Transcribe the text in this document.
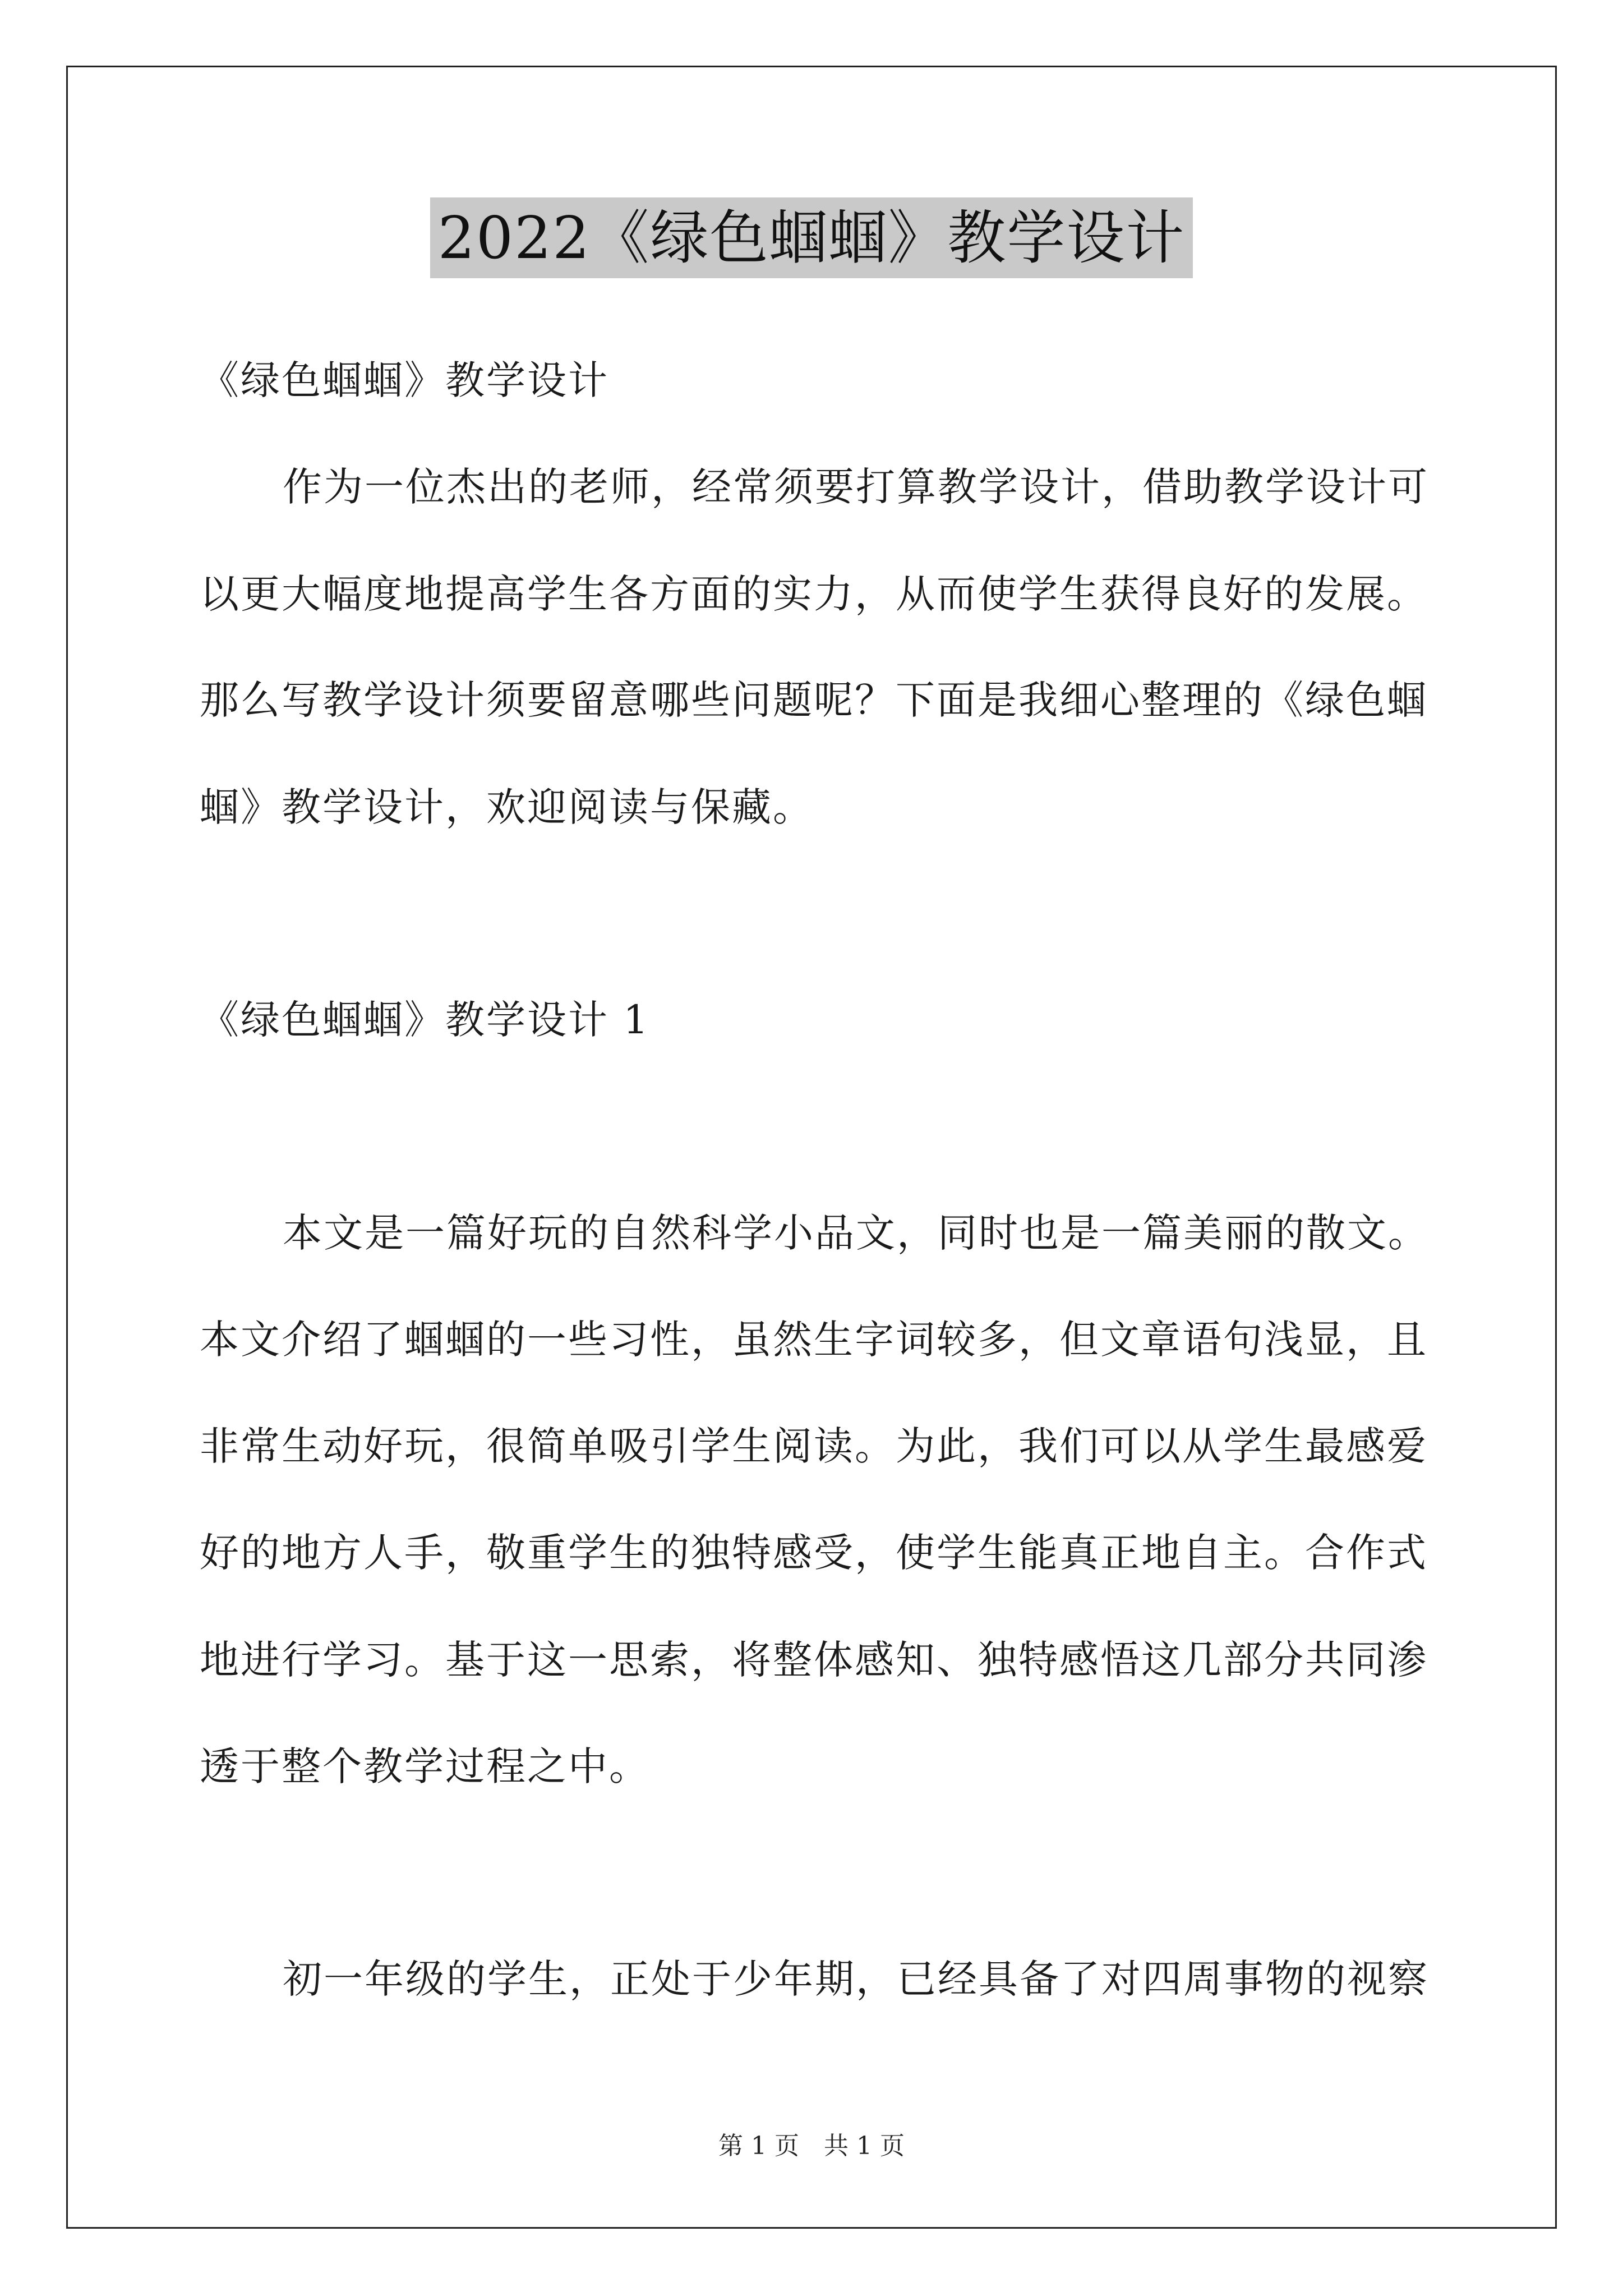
2022《绿色蝈蝈》教学设计
《绿色蝈蝈》教学设计
作为一位杰出的老师，经常须要打算教学设计，借助教学设计可
以更大幅度地提高学生各方面的实力，从而使学生获得良好的发展。
那么写教学设计须要留意哪些问题呢？下面是我细心整理的《绿色蝈
蝈》教学设计，欢迎阅读与保藏。
《绿色蝈蝈》教学设计 1
本文是一篇好玩的自然科学小品文，同时也是一篇美丽的散文。
本文介绍了蝈蝈的一些习性，虽然生字词较多，但文章语句浅显，且
非常生动好玩，很简单吸引学生阅读。为此，我们可以从学生最感爱
好的地方人手，敬重学生的独特感受，使学生能真正地自主。合作式
地进行学习。基于这一思索，将整体感知、独特感悟这几部分共同渗
透于整个教学过程之中。
初一年级的学生，正处于少年期，已经具备了对四周事物的视察
第 1 页　共 1 页
